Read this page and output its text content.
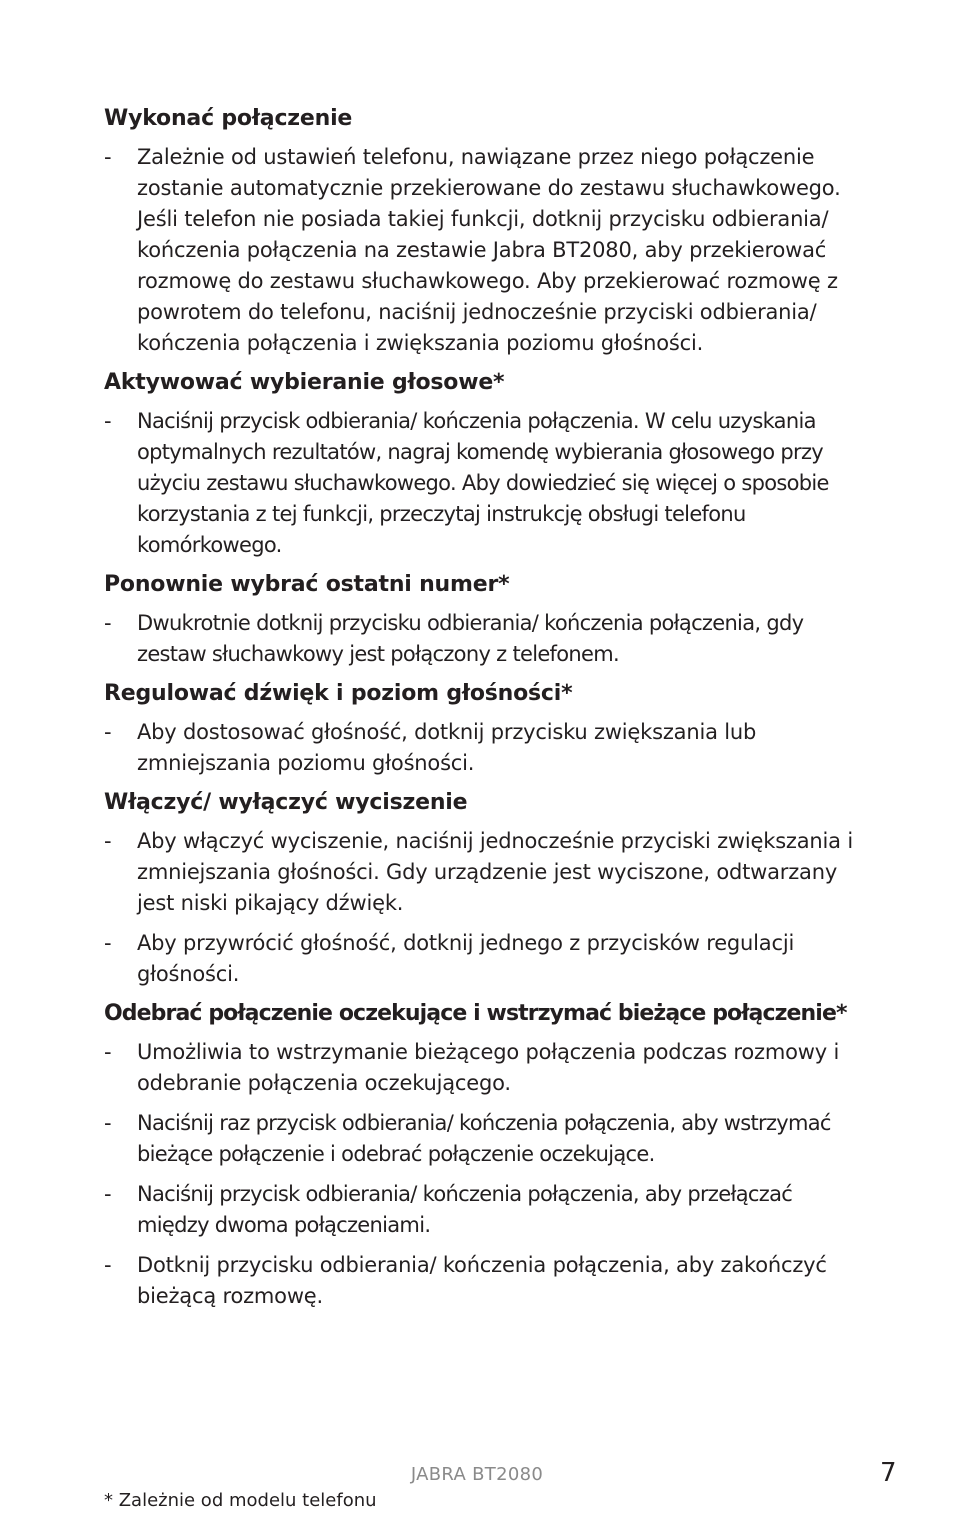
Wykonać połączenie
- Zależnie od ustawień telefonu, nawiązane przez niego połączenie zostanie automatycznie przekierowane do zestawu słuchawkowego. Jeśli telefon nie posiada takiej funkcji, dotknij przycisku odbierania/ kończenia połączenia na zestawie Jabra BT2080, aby przekierować rozmowę do zestawu słuchawkowego. Aby przekierować rozmowę z powrotem do telefonu, naciśnij jednocześnie przyciski odbierania/ kończenia połączenia i zwiększania poziomu głośności.
Aktywować wybieranie głosowe*
- Naciśnij przycisk odbierania/ kończenia połączenia. W celu uzyskania optymalnych rezultatów, nagraj komendę wybierania głosowego przy użyciu zestawu słuchawkowego. Aby dowiedzieć się więcej o sposobie korzystania z tej funkcji, przeczytaj instrukcję obsługi telefonu komórkowego.
Ponownie wybrać ostatni numer*
- Dwukrotnie dotknij przycisku odbierania/ kończenia połączenia, gdy zestaw słuchawkowy jest połączony z telefonem.
Regulować dźwięk i poziom głośności*
- Aby dostosować głośność, dotknij przycisku zwiększania lub zmniejszania poziomu głośności.
Włączyć/ wyłączyć wyciszenie
- Aby włączyć wyciszenie, naciśnij jednocześnie przyciski zwiększania i zmniejszania głośności. Gdy urządzenie jest wyciszone, odtwarzany jest niski pikający dźwięk.
- Aby przywrócić głośność, dotknij jednego z przycisków regulacji głośności.
Odebrać połączenie oczekujące i wstrzymać bieżące połączenie*
- Umożliwia to wstrzymanie bieżącego połączenia podczas rozmowy i odebranie połączenia oczekującego.
- Naciśnij raz przycisk odbierania/ kończenia połączenia, aby wstrzymać bieżące połączenie i odebrać połączenie oczekujące.
- Naciśnij przycisk odbierania/ kończenia połączenia, aby przełączać między dwoma połączeniami.
- Dotknij przycisku odbierania/ kończenia połączenia, aby zakończyć bieżącą rozmowę.
JABRA BT2080	7
* Zależnie od modelu telefonu
